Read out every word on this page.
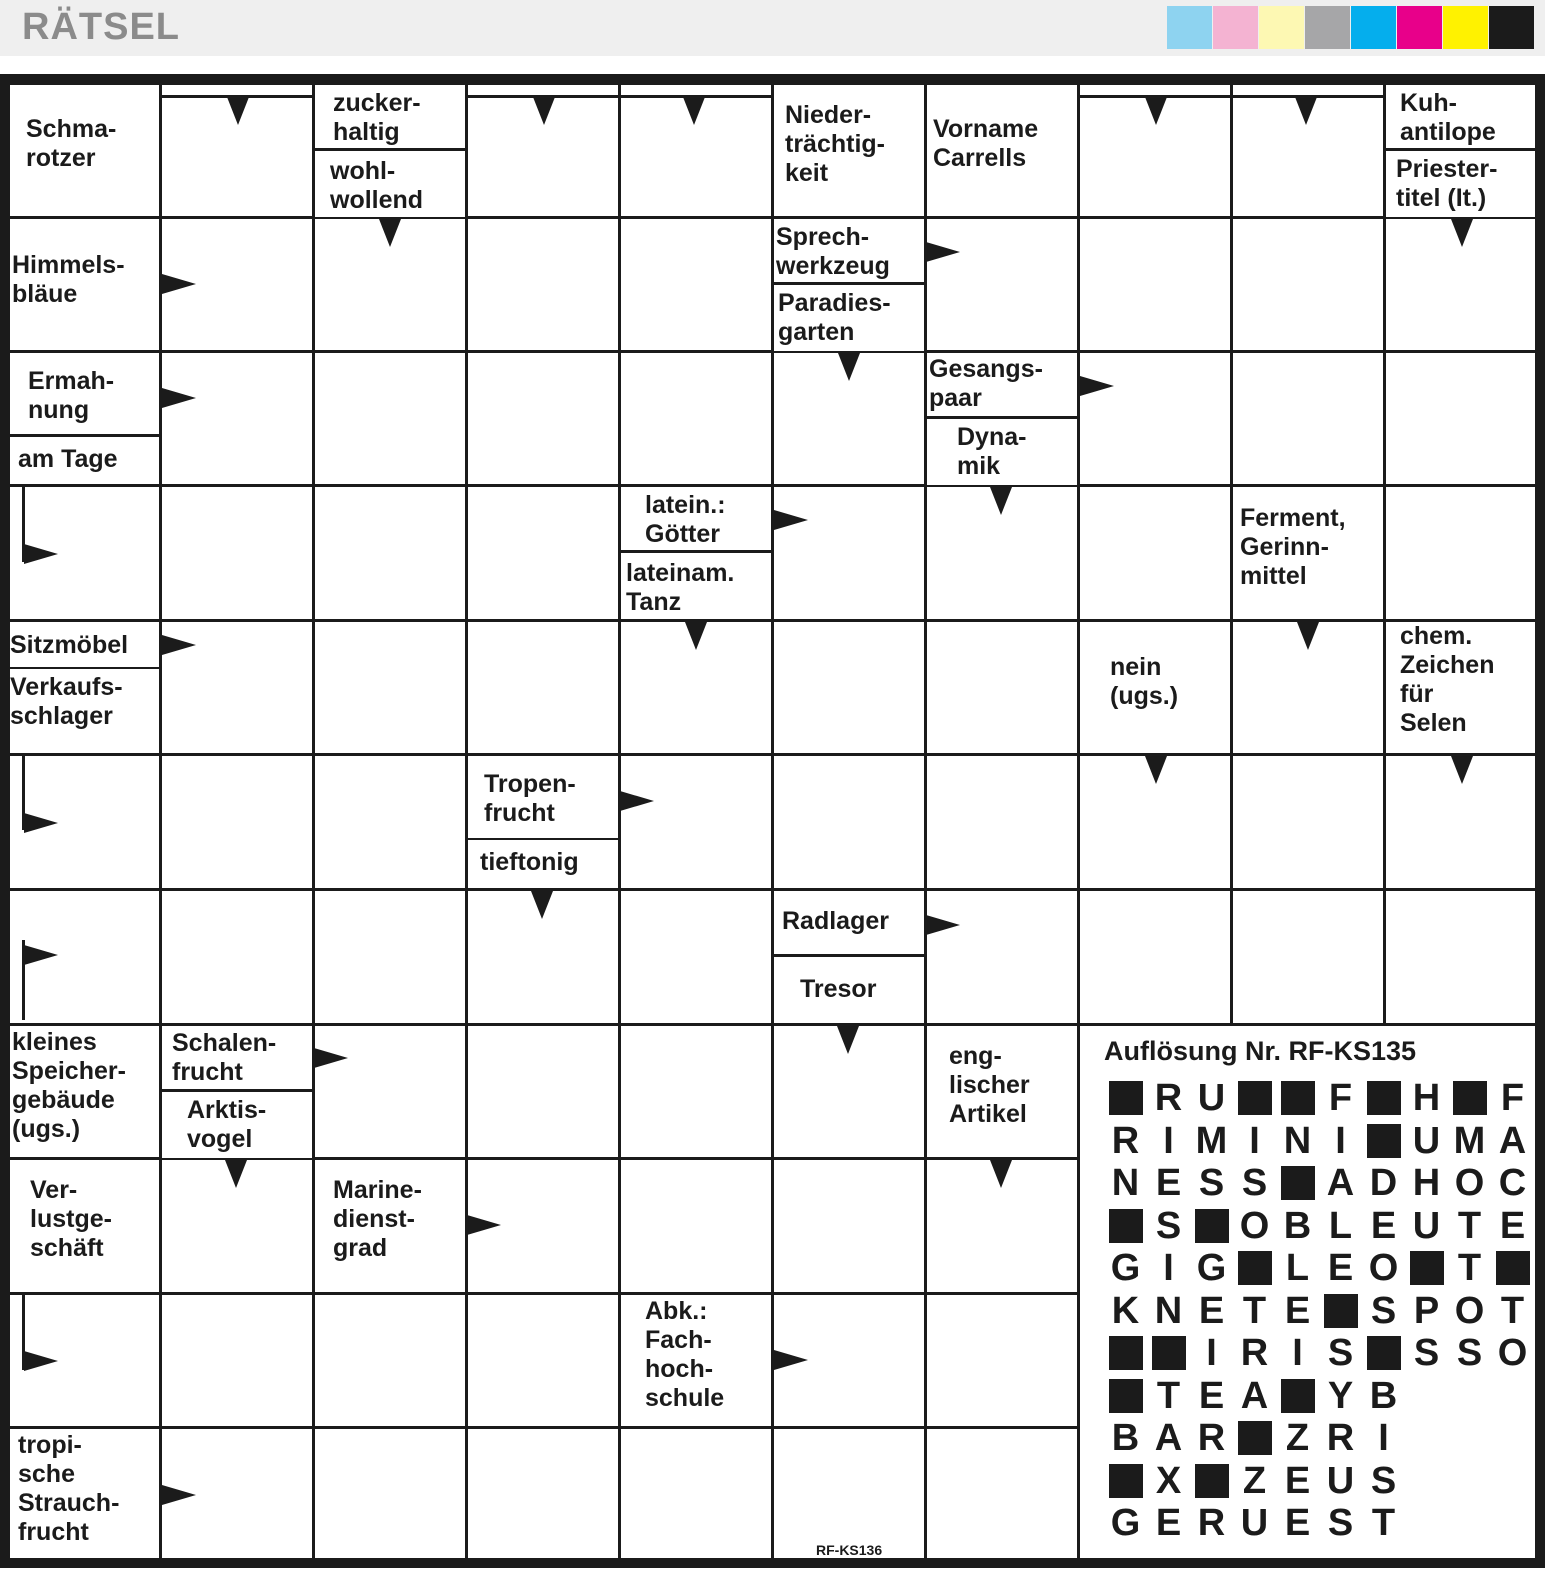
RÄTSEL
Schma-
rotzer
zucker-
haltig
wohl-
wollend
Nieder-
trächtig-
keit
Vorname
Carrells
Kuh-
antilope
Priester-
titel (It.)
Himmels-
bläue
Sprech-
werkzeug
Paradies-
garten
Ermah-
nung
am Tage
Gesangs-
paar
Dyna-
mik
latein.:
Götter
lateinam.
Tanz
Ferment,
Gerinn-
mittel
Sitzmöbel
Verkaufs-
schlager
nein
(ugs.)
chem.
Zeichen
für
Selen
Tropen-
frucht
tieftonig
Radlager
Tresor
kleines
Speicher-
gebäude
(ugs.)
Schalen-
frucht
Arktis-
vogel
eng-
lischer
Artikel
Ver-
lustge-
schäft
Marine-
dienst-
grad
Abk.:
Fach-
hoch-
schule
tropi-
sche
Strauch-
frucht
Auflösung Nr. RF-KS135
R U	F H F
R I M I N I	U M A
N E S S A D H O C
S O B L E U T E
G I G L E O T
K N E T E S P O T
I R I S S S O
T E A Y B
B A R Z R I
X Z E U S
G E R U E S T
RF-KS136
